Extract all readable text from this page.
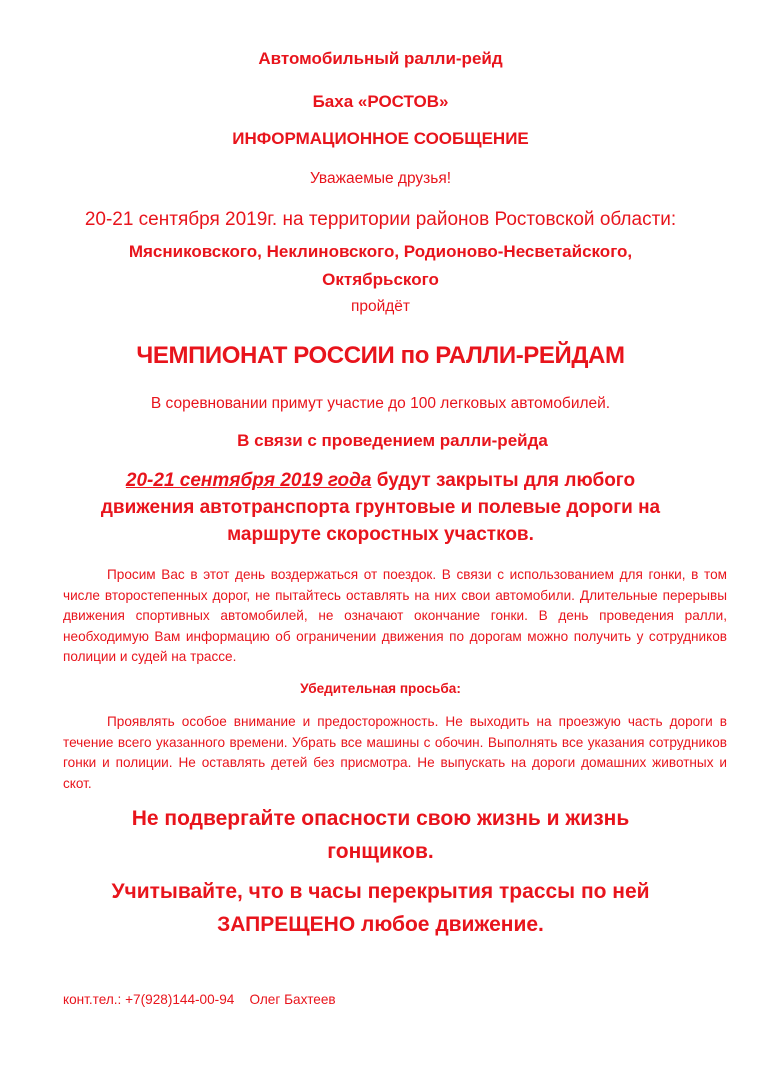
Автомобильный ралли-рейд
Баха «РОСТОВ»
ИНФОРМАЦИОННОЕ СООБЩЕНИЕ
Уважаемые друзья!
20-21 сентября 2019г. на территории районов Ростовской области:
Мясниковского, Неклиновского, Родионово-Несветайского,
Октябрьского
пройдёт
ЧЕМПИОНАТ РОССИИ по РАЛЛИ-РЕЙДАМ
В соревновании примут участие до 100 легковых автомобилей.
В связи с проведением ралли-рейда
20-21 сентября 2019 года будут закрыты для любого
движения автотранспорта грунтовые и полевые дороги на
маршруте скоростных участков.
Просим Вас в этот день воздержаться от поездок. В связи с использованием для гонки, в том числе второстепенных дорог, не пытайтесь оставлять на них свои автомобили. Длительные перерывы движения спортивных автомобилей, не означают окончание гонки. В день проведения ралли, необходимую Вам информацию об ограничении движения по дорогам можно получить у сотрудников полиции и судей на трассе.
Убедительная просьба:
Проявлять особое внимание и предосторожность. Не выходить на проезжую часть дороги в течение всего указанного времени. Убрать все машины с обочин. Выполнять все указания сотрудников гонки и полиции. Не оставлять детей без присмотра. Не выпускать на дороги домашних животных и скот.
Не подвергайте опасности свою жизнь и жизнь
гонщиков.
Учитывайте, что в часы перекрытия трассы по ней
ЗАПРЕЩЕНО любое движение.
конт.тел.: +7(928)144-00-94 Олег Бахтеев
